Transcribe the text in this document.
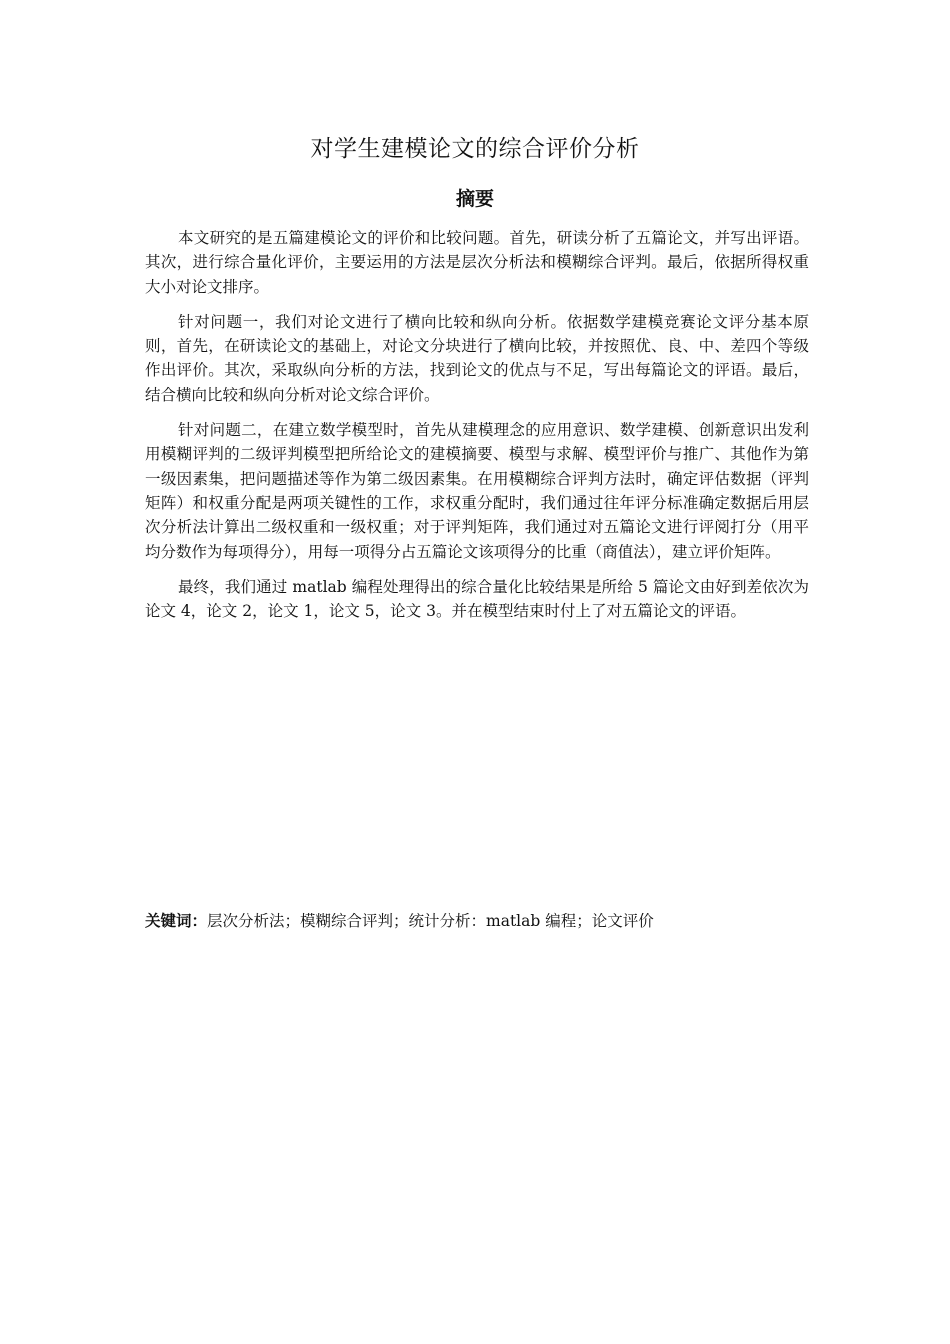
对学生建模论文的综合评价分析
摘要

本文研究的是五篇建模论文的评价和比较问题。首先，研读分析了五篇论文，并写出评语。其次，进行综合量化评价，主要运用的方法是层次分析法和模糊综合评判。最后，依据所得权重大小对论文排序。

针对问题一，我们对论文进行了横向比较和纵向分析。依据数学建模竞赛论文评分基本原则，首先，在研读论文的基础上，对论文分块进行了横向比较，并按照优、良、中、差四个等级作出评价。其次，采取纵向分析的方法，找到论文的优点与不足，写出每篇论文的评语。最后，结合横向比较和纵向分析对论文综合评价。

针对问题二，在建立数学模型时，首先从建模理念的应用意识、数学建模、创新意识出发利用模糊评判的二级评判模型把所给论文的建模摘要、模型与求解、模型评价与推广、其他作为第一级因素集，把问题描述等作为第二级因素集。在用模糊综合评判方法时，确定评估数据（评判矩阵）和权重分配是两项关键性的工作，求权重分配时，我们通过往年评分标准确定数据后用层次分析法计算出二级权重和一级权重；对于评判矩阵，我们通过对五篇论文进行评阅打分（用平均分数作为每项得分），用每一项得分占五篇论文该项得分的比重（商值法），建立评价矩阵。

最终，我们通过 matlab 编程处理得出的综合量化比较结果是所给 5 篇论文由好到差依次为论文 4，论文 2，论文 1，论文 5，论文 3。并在模型结束时付上了对五篇论文的评语。

关键词：层次分析法；模糊综合评判；统计分析：matlab 编程；论文评价
